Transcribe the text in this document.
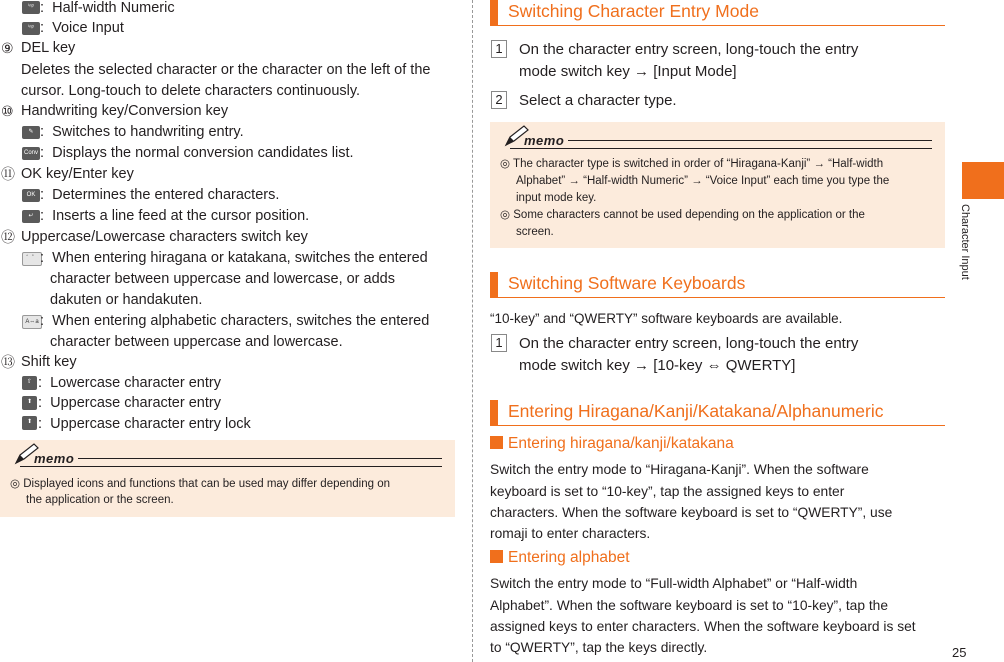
ⁱⁿᵖ :  Half-width Numeric
ⁱⁿᵖ :  Voice Input
⑨ DEL key
Deletes the selected character or the character on the left of the
cursor. Long-touch to delete characters continuously.
⑩ Handwriting key/Conversion key
✎ :  Switches to handwriting entry.
Conv :  Displays the normal conversion candidates list.
⑪ OK key/Enter key
OK :  Determines the entered characters.
↵ :  Inserts a line feed at the cursor position.
⑫ Uppercase/Lowercase characters switch key
゛゜ :  When entering hiragana or katakana, switches the entered
character between uppercase and lowercase, or adds
dakuten or handakuten.
A⇔a :  When entering alphabetic characters, switches the entered
character between uppercase and lowercase.
⑬ Shift key
⇧ :  Lowercase character entry
⬆ :  Uppercase character entry
⬆ :  Uppercase character entry lock
memo
◎ Displayed icons and functions that can be used may differ depending on
the application or the screen.
Switching Character Entry Mode
1 On the character entry screen, long-touch the entry
mode switch key → [Input Mode]
2 Select a character type.
memo
◎ The character type is switched in order of “Hiragana-Kanji” → “Half-width
Alphabet” → “Half-width Numeric” → “Voice Input” each time you type the
input mode key.
◎ Some characters cannot be used depending on the application or the
screen.
Switching Software Keyboards
“10-key” and “QWERTY” software keyboards are available.
1 On the character entry screen, long-touch the entry
mode switch key → [10-key ⇔ QWERTY]
Entering Hiragana/Kanji/Katakana/Alphanumeric
Entering hiragana/kanji/katakana
Switch the entry mode to “Hiragana-Kanji”. When the software
keyboard is set to “10-key”, tap the assigned keys to enter
characters. When the software keyboard is set to “QWERTY”, use
romaji to enter characters.
Entering alphabet
Switch the entry mode to “Full-width Alphabet” or “Half-width
Alphabet”. When the software keyboard is set to “10-key”, tap the
assigned keys to enter characters. When the software keyboard is set
to “QWERTY”, tap the keys directly.
Character Input
25
